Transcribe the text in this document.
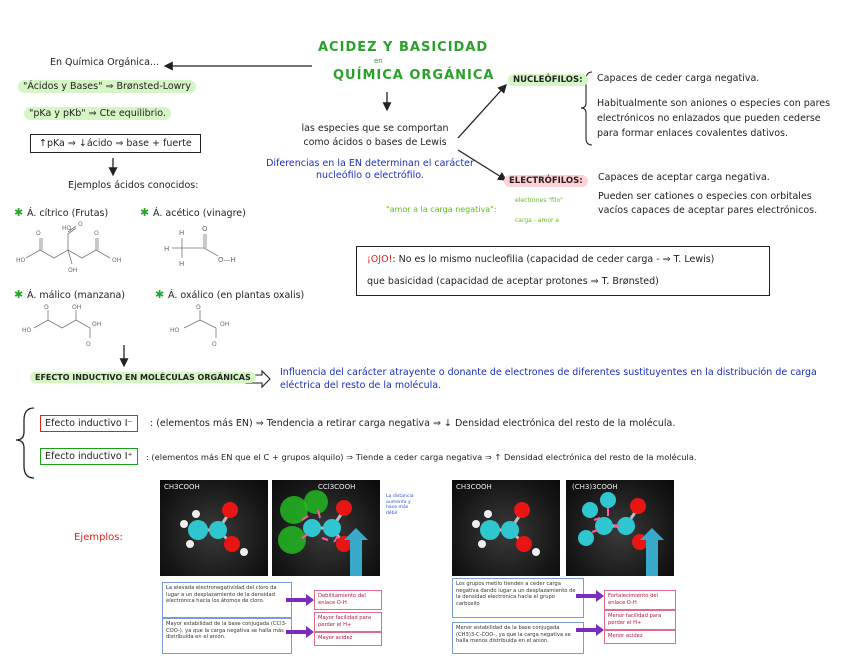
ACIDEZ Y BASICIDAD
en
QUÍMICA ORGÁNICA
En Química Orgánica...
"Ácidos y Bases" ⇒ Brønsted-Lowry
"pKa y pKb" ⇒ Cte equilibrio.
↑pKa ⇒ ↓ácido ⇒ base + fuerte
Ejemplos ácidos conocidos:
✱ Á. cítrico (Frutas)	✱ Á. acético (vinagre)
✱ Á. málico (manzana)	✱ Á. oxálico (en plantas oxalis)
HO
O
HO
O
OH
O
OH
H
H
H
O
O—H
HO
O	OH
OH
O
HO
O
OH
O
las especies que se comportan como ácidos o bases de Lewis
Diferencias en la EN determinan el carácter nucleófilo o electrófilo.
NUCLEÓFILOS:	Capaces de ceder carga negativa.
Habitualmente son aniones o especies con pares electrónicos no enlazados que pueden cederse para formar enlaces covalentes dativos.
ELECTRÓFILOS:	Capaces de aceptar carga negativa.
Pueden ser cationes o especies con orbitales vacíos capaces de aceptar pares electrónicos.
"amor a la carga negativa":
electrones "filo"
carga - amor a
¡OJO!: No es lo mismo nucleofilia (capacidad de ceder carga - ⇒ T. Lewis)
que basicidad (capacidad de aceptar protones ⇒ T. Brønsted)
EFECTO INDUCTIVO EN MOLÉCULAS ORGÁNICAS	Influencia del carácter atrayente o donante de electrones de diferentes sustituyentes en la distribución de carga eléctrica del resto de la molécula.
Efecto inductivo I⁻	: (elementos más EN) ⇒ Tendencia a retirar carga negativa ⇒ ↓ Densidad electrónica del resto de la molécula.
Efecto inductivo I⁺	: (elementos más EN que el C + grupos alquilo) ⇒ Tiende a ceder carga negativa ⇒ ↑ Densidad electrónica del resto de la molécula.
Ejemplos:
CH3COOH	CCl3COOH
La distancia aumenta y hace más débil
La elevada electronegatividad del cloro da lugar a un desplazamiento de la densidad electrónica hacia los átomos de cloro.
Mayor estabilidad de la base conjugada (CCl3-COO-), ya que la carga negativa se halla más distribuida en el anión.
Debilitamiento del enlace O-H
Mayor facilidad para perder el H+
Mayor acidez
CH3COOH	(CH3)3COOH
Los grupos metilo tienden a ceder carga negativa dando lugar a un desplazamiento de la densidad electrónica hacia el grupo carboxilo
Menor estabilidad de la base conjugada (CH3)3-C-COO-, ya que la carga negativa se halla menos distribuida en el anión.
Fortalecimiento del enlace O-H
Menor facilidad para perder el H+
Menor acidez
